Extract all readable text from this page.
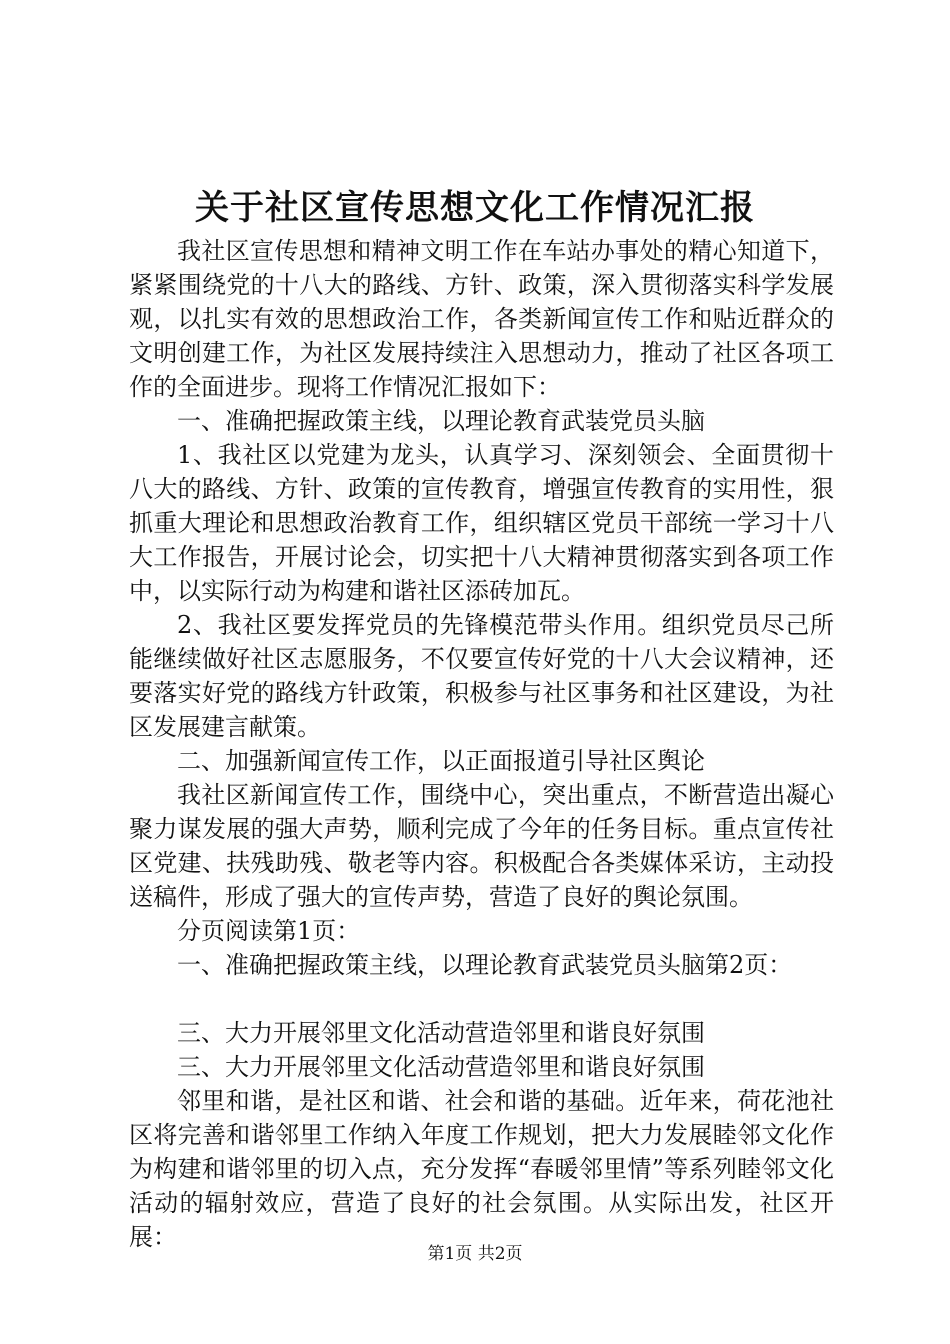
关于社区宣传思想文化工作情况汇报

我社区宣传思想和精神文明工作在车站办事处的精心知道下，紧紧围绕党的十八大的路线、方针、政策，深入贯彻落实科学发展观，以扎实有效的思想政治工作，各类新闻宣传工作和贴近群众的文明创建工作，为社区发展持续注入思想动力，推动了社区各项工作的全面进步。现将工作情况汇报如下：

一、准确把握政策主线，以理论教育武装党员头脑

1、我社区以党建为龙头，认真学习、深刻领会、全面贯彻十八大的路线、方针、政策的宣传教育，增强宣传教育的实用性，狠抓重大理论和思想政治教育工作，组织辖区党员干部统一学习十八大工作报告，开展讨论会，切实把十八大精神贯彻落实到各项工作中，以实际行动为构建和谐社区添砖加瓦。

2、我社区要发挥党员的先锋模范带头作用。组织党员尽己所能继续做好社区志愿服务，不仅要宣传好党的十八大会议精神，还要落实好党的路线方针政策，积极参与社区事务和社区建设，为社区发展建言献策。

二、加强新闻宣传工作，以正面报道引导社区舆论

我社区新闻宣传工作，围绕中心，突出重点，不断营造出凝心聚力谋发展的强大声势，顺利完成了今年的任务目标。重点宣传社区党建、扶残助残、敬老等内容。积极配合各类媒体采访，主动投送稿件，形成了强大的宣传声势，营造了良好的舆论氛围。

分页阅读第1页：

一、准确把握政策主线，以理论教育武装党员头脑第2页：

三、大力开展邻里文化活动营造邻里和谐良好氛围

三、大力开展邻里文化活动营造邻里和谐良好氛围

邻里和谐，是社区和谐、社会和谐的基础。近年来，荷花池社区将完善和谐邻里工作纳入年度工作规划，把大力发展睦邻文化作为构建和谐邻里的切入点，充分发挥“春暖邻里情”等系列睦邻文化活动的辐射效应，营造了良好的社会氛围。从实际出发，社区开展：

第1页 共2页
